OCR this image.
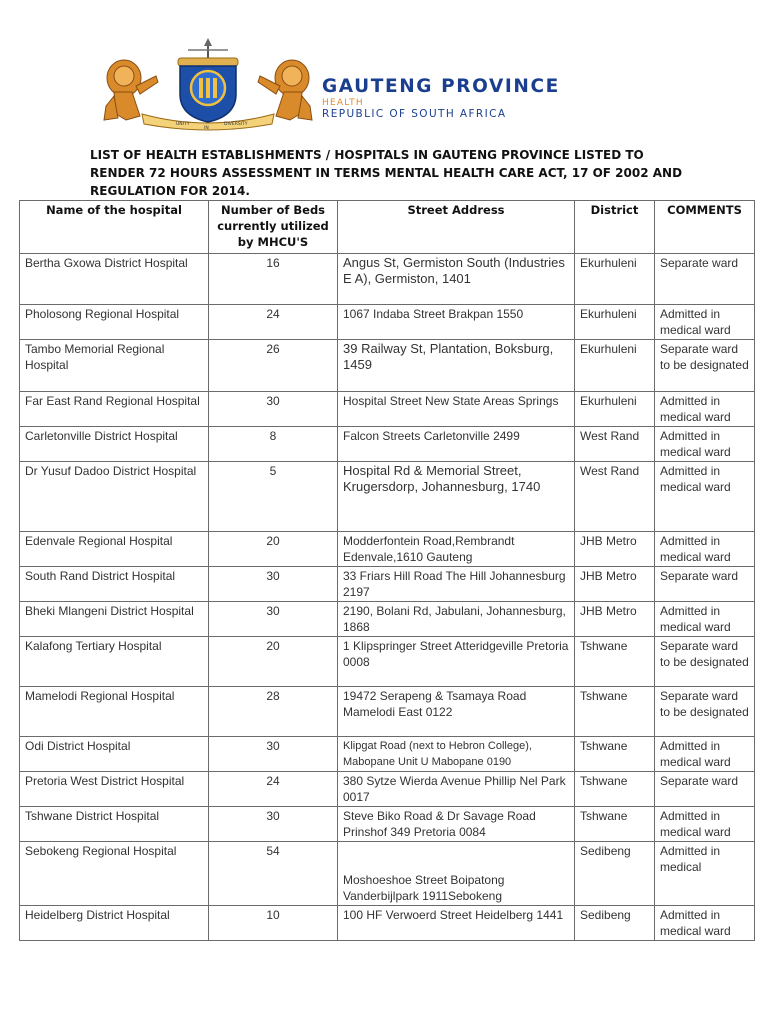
UNITY
IN
DIVERSITY
GAUTENG PROVINCE
HEALTH
REPUBLIC OF SOUTH AFRICA
LIST OF HEALTH ESTABLISHMENTS / HOSPITALS IN GAUTENG PROVINCE LISTED TO RENDER 72 HOURS ASSESSMENT IN TERMS MENTAL HEALTH CARE ACT, 17 OF 2002 AND REGULATION FOR 2014.
Name of the hospital	Number of Beds currently utilized by MHCU'S	Street Address	District	COMMENTS
Bertha Gxowa District Hospital	16	Angus St, Germiston South (Industries E A), Germiston, 1401	Ekurhuleni	Separate ward
Pholosong Regional Hospital	24	1067 Indaba Street Brakpan 1550	Ekurhuleni	Admitted in medical ward
Tambo Memorial Regional Hospital	26	39 Railway St, Plantation, Boksburg, 1459	Ekurhuleni	Separate ward to be designated
Far East Rand Regional Hospital	30	Hospital Street New State Areas Springs	Ekurhuleni	Admitted in medical ward
Carletonville District Hospital	8	Falcon Streets Carletonville 2499	West Rand	Admitted in medical ward
Dr Yusuf Dadoo District Hospital	5	Hospital Rd & Memorial Street, Krugersdorp, Johannesburg, 1740	West Rand	Admitted in medical ward
Edenvale Regional Hospital	20	Modderfontein Road,Rembrandt Edenvale,1610 Gauteng	JHB Metro	Admitted in medical ward
South Rand District Hospital	30	33 Friars Hill Road The Hill Johannesburg 2197	JHB Metro	Separate ward
Bheki Mlangeni District Hospital	30	2190, Bolani Rd, Jabulani, Johannesburg, 1868	JHB Metro	Admitted in medical ward
Kalafong Tertiary Hospital	20	1 Klipspringer Street Atteridgeville Pretoria 0008	Tshwane	Separate ward to be designated
Mamelodi Regional Hospital	28	19472 Serapeng & Tsamaya Road Mamelodi East 0122	Tshwane	Separate ward to be designated
Odi District Hospital	30	Klipgat Road (next to Hebron College), Mabopane Unit U Mabopane 0190	Tshwane	Admitted in medical ward
Pretoria West District Hospital	24	380 Sytze Wierda Avenue Phillip Nel Park 0017	Tshwane	Separate ward
Tshwane District Hospital	30	Steve Biko Road & Dr Savage Road Prinshof 349 Pretoria 0084	Tshwane	Admitted in medical ward
Sebokeng Regional Hospital	54	Moshoeshoe Street Boipatong Vanderbijlpark 1911Sebokeng	Sedibeng	Admitted in medical
Heidelberg District Hospital	10	100 HF Verwoerd Street Heidelberg 1441	Sedibeng	Admitted in medical ward
